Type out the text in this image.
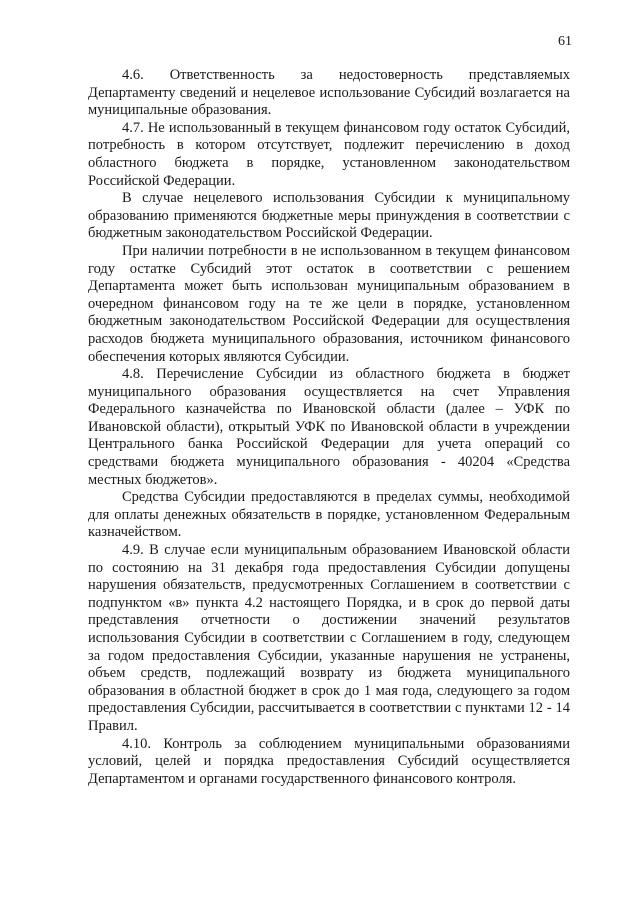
61

4.6. Ответственность за недостоверность представляемых Департаменту сведений и нецелевое использование Субсидий возлагается на муниципальные образования.

4.7. Не использованный в текущем финансовом году остаток Субсидий, потребность в котором отсутствует, подлежит перечислению в доход областного бюджета в порядке, установленном законодательством Российской Федерации.

В случае нецелевого использования Субсидии к муниципальному образованию применяются бюджетные меры принуждения в соответствии с бюджетным законодательством Российской Федерации.

При наличии потребности в не использованном в текущем финансовом году остатке Субсидий этот остаток в соответствии с решением Департамента может быть использован муниципальным образованием в очередном финансовом году на те же цели в порядке, установленном бюджетным законодательством Российской Федерации для осуществления расходов бюджета муниципального образования, источником финансового обеспечения которых являются Субсидии.

4.8. Перечисление Субсидии из областного бюджета в бюджет муниципального образования осуществляется на счет Управления Федерального казначейства по Ивановской области (далее – УФК по Ивановской области), открытый УФК по Ивановской области в учреждении Центрального банка Российской Федерации для учета операций со средствами бюджета муниципального образования - 40204 «Средства местных бюджетов».

Средства Субсидии предоставляются в пределах суммы, необходимой для оплаты денежных обязательств в порядке, установленном Федеральным казначейством.

4.9. В случае если муниципальным образованием Ивановской области по состоянию на 31 декабря года предоставления Субсидии допущены нарушения обязательств, предусмотренных Соглашением в соответствии с подпунктом «в» пункта 4.2 настоящего Порядка, и в срок до первой даты представления отчетности о достижении значений результатов использования Субсидии в соответствии с Соглашением в году, следующем за годом предоставления Субсидии, указанные нарушения не устранены, объем средств, подлежащий возврату из бюджета муниципального образования в областной бюджет в срок до 1 мая года, следующего за годом предоставления Субсидии, рассчитывается в соответствии с пунктами 12 - 14 Правил.

4.10. Контроль за соблюдением муниципальными образованиями условий, целей и порядка предоставления Субсидий осуществляется Департаментом и органами государственного финансового контроля.
